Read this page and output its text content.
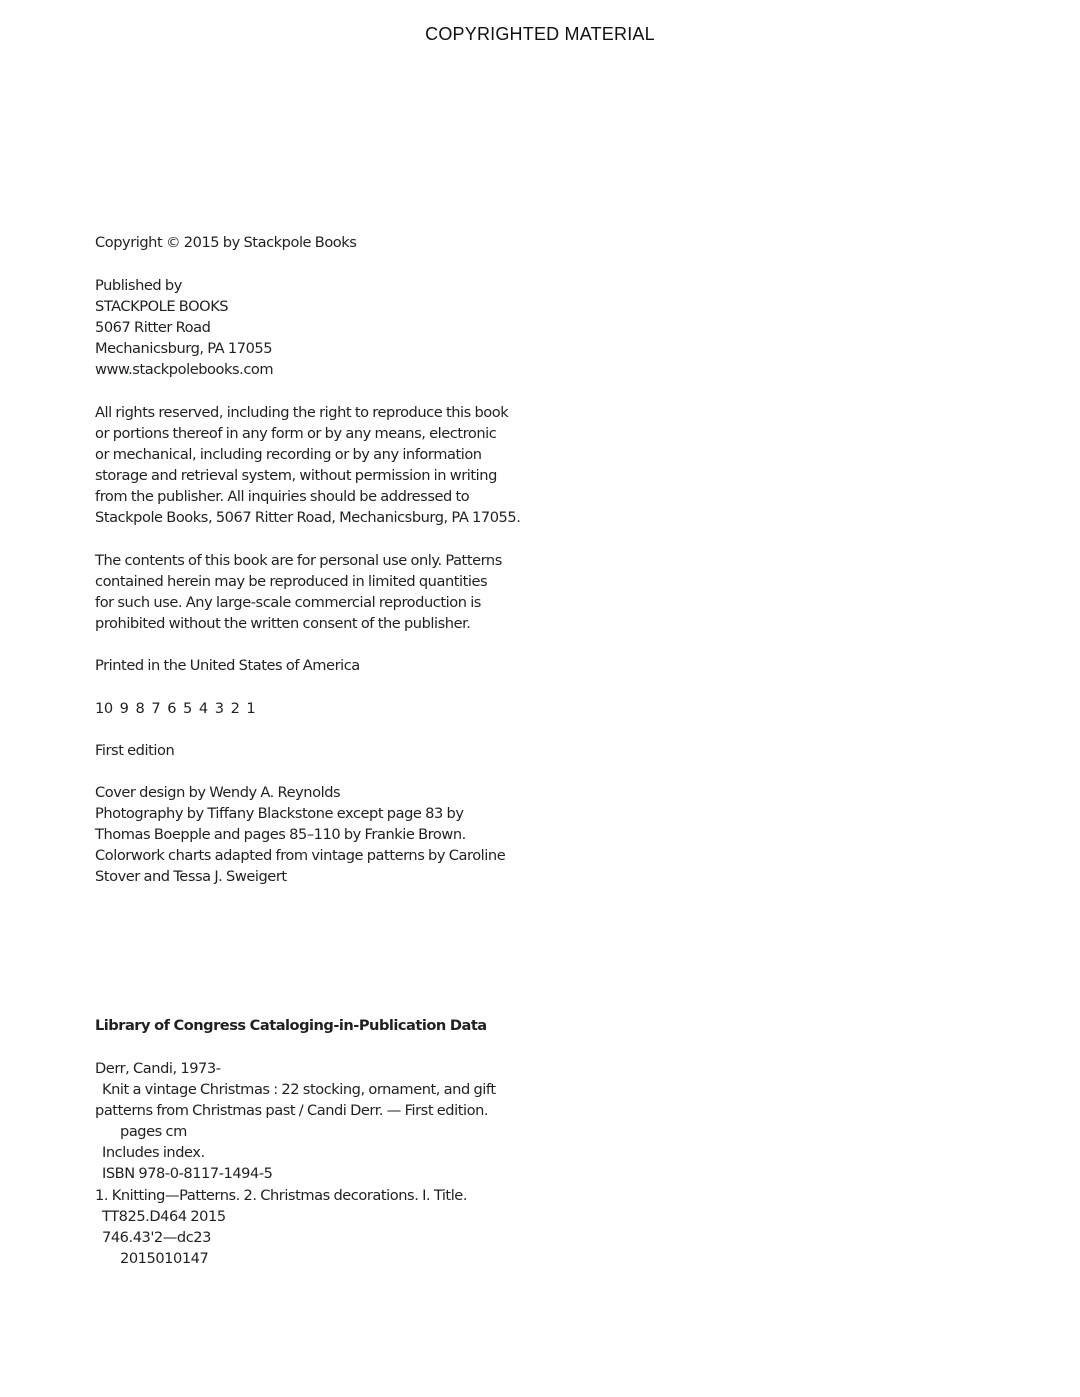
COPYRIGHTED MATERIAL
Copyright © 2015 by Stackpole Books
Published by
STACKPOLE BOOKS
5067 Ritter Road
Mechanicsburg, PA 17055
www.stackpolebooks.com
All rights reserved, including the right to reproduce this book
or portions thereof in any form or by any means, electronic
or mechanical, including recording or by any information
storage and retrieval system, without permission in writing
from the publisher. All inquiries should be addressed to
Stackpole Books, 5067 Ritter Road, Mechanicsburg, PA 17055.
The contents of this book are for personal use only. Patterns
contained herein may be reproduced in limited quantities
for such use. Any large-scale commercial reproduction is
prohibited without the written consent of the publisher.
Printed in the United States of America
10 9 8 7 6 5 4 3 2 1
First edition
Cover design by Wendy A. Reynolds
Photography by Tiffany Blackstone except page 83 by
Thomas Boepple and pages 85–110 by Frankie Brown.
Colorwork charts adapted from vintage patterns by Caroline
Stover and Tessa J. Sweigert
Library of Congress Cataloging-in-Publication Data
Derr, Candi, 1973-
Knit a vintage Christmas : 22 stocking, ornament, and gift
patterns from Christmas past / Candi Derr. — First edition.
pages cm
Includes index.
ISBN 978-0-8117-1494-5
1. Knitting—Patterns. 2. Christmas decorations. I. Title.
TT825.D464 2015
746.43'2—dc23
2015010147
